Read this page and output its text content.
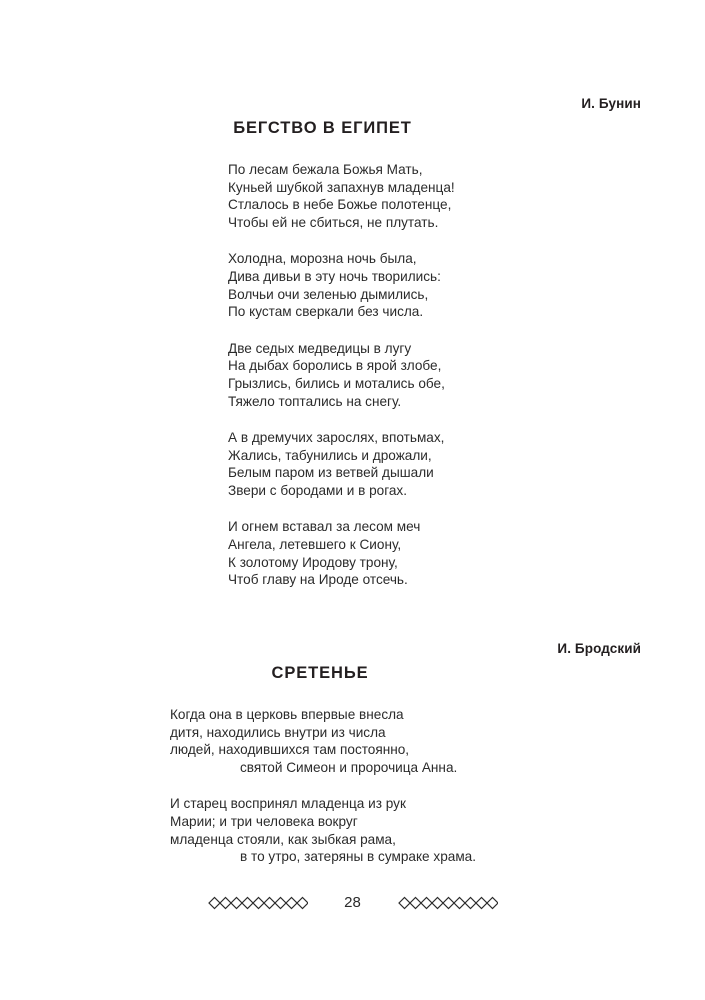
И. Бунин
БЕГСТВО В ЕГИПЕТ
По лесам бежала Божья Мать,
Куньей шубкой запахнув младенца!
Стлалось в небе Божье полотенце,
Чтобы ей не сбиться, не плутать.
Холодна, морозна ночь была,
Дива дивьи в эту ночь творились:
Волчьи очи зеленью дымились,
По кустам сверкали без числа.
Две седых медведицы в лугу
На дыбах боролись в ярой злобе,
Грызлись, бились и мотались обе,
Тяжело топтались на снегу.
А в дремучих зарослях, впотьмах,
Жались, табунились и дрожали,
Белым паром из ветвей дышали
Звери с бородами и в рогах.
И огнем вставал за лесом меч
Ангела, летевшего к Сиону,
К золотому Иродову трону,
Чтоб главу на Ироде отсечь.
И. Бродский
СРЕТЕНЬЕ
Когда она в церковь впервые внесла
дитя, находились внутри из числа
людей, находившихся там постоянно,
святой Симеон и пророчица Анна.
И старец воспринял младенца из рук
Марии; и три человека вокруг
младенца стояли, как зыбкая рама,
в то утро, затеряны в сумраке храма.
28
